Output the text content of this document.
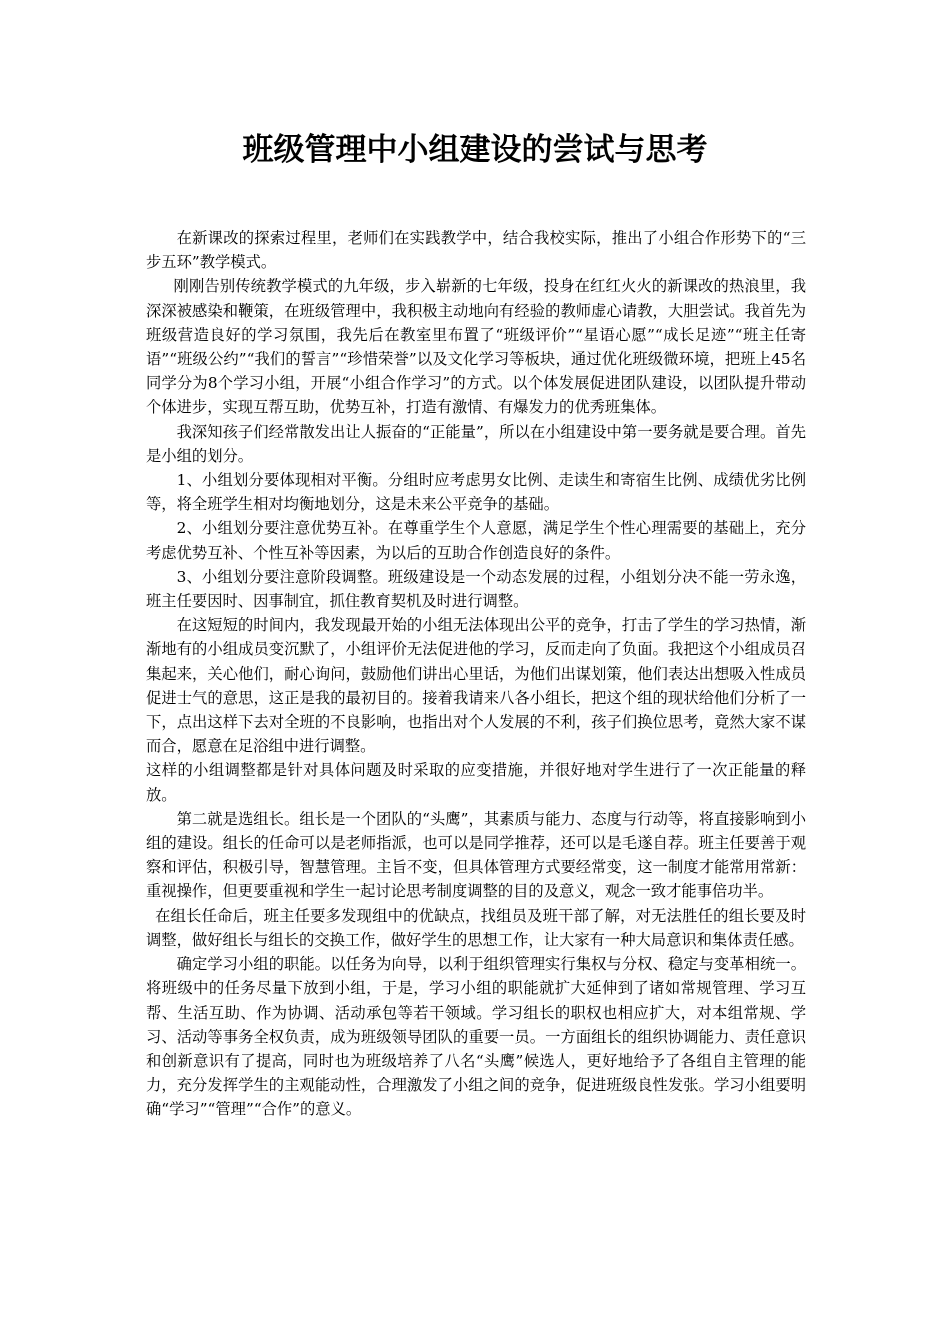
班级管理中小组建设的尝试与思考

在新课改的探索过程里，老师们在实践教学中，结合我校实际，推出了小组合作形势下的“三步五环”教学模式。

刚刚告别传统教学模式的九年级，步入崭新的七年级，投身在红红火火的新课改的热浪里，我深深被感染和鞭策，在班级管理中，我积极主动地向有经验的教师虚心请教，大胆尝试。我首先为班级营造良好的学习氛围，我先后在教室里布置了“班级评价”“星语心愿”“成长足迹”“班主任寄语”“班级公约”“我们的誓言”“珍惜荣誉”以及文化学习等板块，通过优化班级微环境，把班上45名同学分为8个学习小组，开展“小组合作学习”的方式。以个体发展促进团队建设，以团队提升带动个体进步，实现互帮互助，优势互补，打造有激情、有爆发力的优秀班集体。

我深知孩子们经常散发出让人振奋的“正能量”，所以在小组建设中第一要务就是要合理。首先是小组的划分。

1、小组划分要体现相对平衡。分组时应考虑男女比例、走读生和寄宿生比例、成绩优劣比例等，将全班学生相对均衡地划分，这是未来公平竞争的基础。

2、小组划分要注意优势互补。在尊重学生个人意愿，满足学生个性心理需要的基础上，充分考虑优势互补、个性互补等因素，为以后的互助合作创造良好的条件。

3、小组划分要注意阶段调整。班级建设是一个动态发展的过程，小组划分决不能一劳永逸，班主任要因时、因事制宜，抓住教育契机及时进行调整。

在这短短的时间内，我发现最开始的小组无法体现出公平的竞争，打击了学生的学习热情，渐渐地有的小组成员变沉默了，小组评价无法促进他的学习，反而走向了负面。我把这个小组成员召集起来，关心他们，耐心询问，鼓励他们讲出心里话，为他们出谋划策，他们表达出想吸入性成员促进士气的意思，这正是我的最初目的。接着我请来八各小组长，把这个组的现状给他们分析了一下，点出这样下去对全班的不良影响，也指出对个人发展的不利，孩子们换位思考，竟然大家不谋而合，愿意在足浴组中进行调整。

这样的小组调整都是针对具体问题及时采取的应变措施，并很好地对学生进行了一次正能量的释放。

第二就是选组长。组长是一个团队的“头鹰”，其素质与能力、态度与行动等，将直接影响到小组的建设。组长的任命可以是老师指派，也可以是同学推荐，还可以是毛遂自荐。班主任要善于观察和评估，积极引导，智慧管理。主旨不变，但具体管理方式要经常变，这一制度才能常用常新：重视操作，但更要重视和学生一起讨论思考制度调整的目的及意义，观念一致才能事倍功半。

在组长任命后，班主任要多发现组中的优缺点，找组员及班干部了解，对无法胜任的组长要及时调整，做好组长与组长的交换工作，做好学生的思想工作，让大家有一种大局意识和集体责任感。

确定学习小组的职能。以任务为向导，以利于组织管理实行集权与分权、稳定与变革相统一。将班级中的任务尽量下放到小组，于是，学习小组的职能就扩大延伸到了诸如常规管理、学习互帮、生活互助、作为协调、活动承包等若干领域。学习组长的职权也相应扩大，对本组常规、学习、活动等事务全权负责，成为班级领导团队的重要一员。一方面组长的组织协调能力、责任意识和创新意识有了提高，同时也为班级培养了八名“头鹰”候选人，更好地给予了各组自主管理的能力，充分发挥学生的主观能动性，合理激发了小组之间的竞争，促进班级良性发张。学习小组要明确“学习”“管理”“合作”的意义。
